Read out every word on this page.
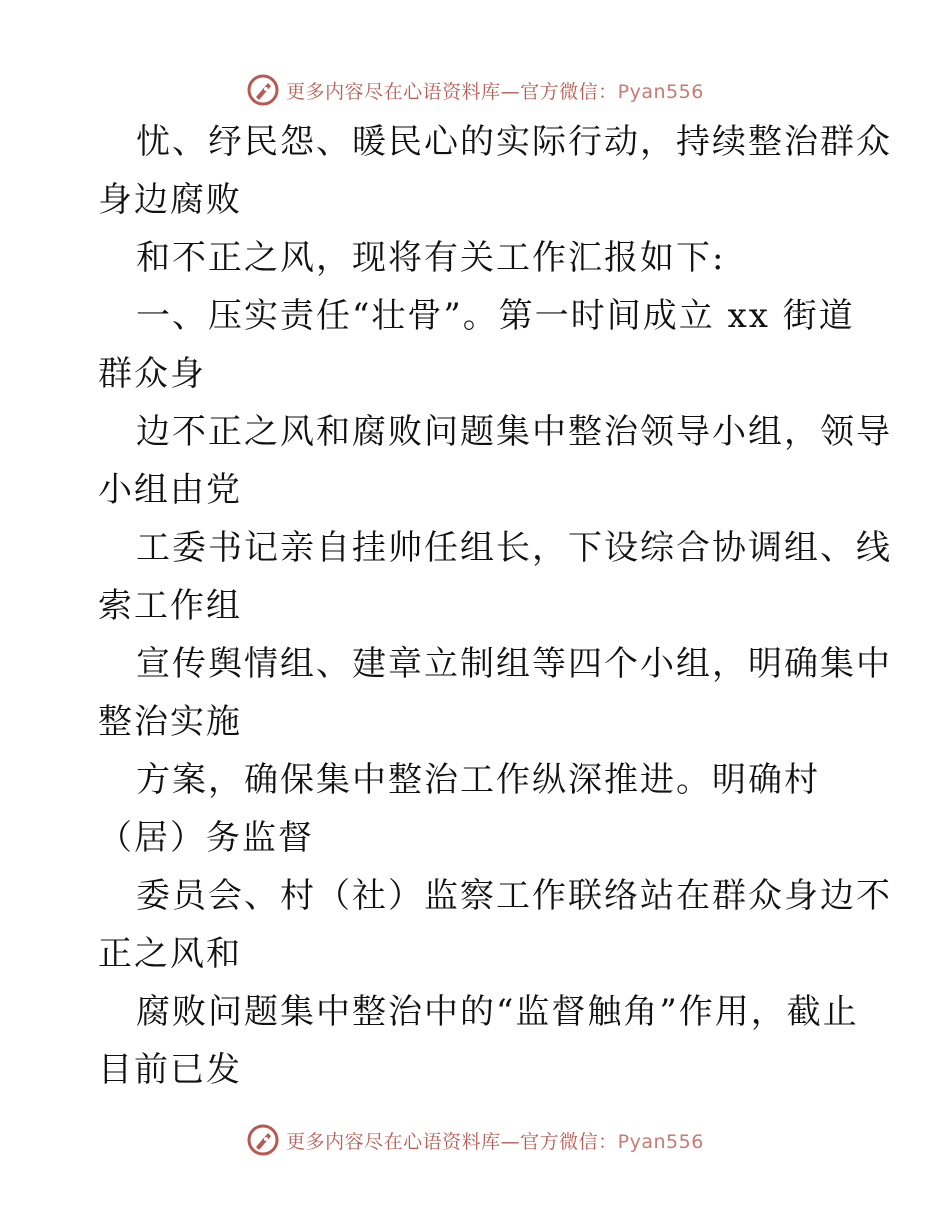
更多内容尽在心语资料库—官方微信：Pyan556
忧、纾民怨、暖民心的实际行动，持续整治群众
身边腐败
和不正之风，现将有关工作汇报如下:
一、压实责任“壮骨”。第一时间成立 xx 街道
群众身
边不正之风和腐败问题集中整治领导小组，领导
小组由党
工委书记亲自挂帅任组长，下设综合协调组、线
索工作组
宣传舆情组、建章立制组等四个小组，明确集中
整治实施
方案，确保集中整治工作纵深推进。明确村
（居）务监督
委员会、村（社）监察工作联络站在群众身边不
正之风和
腐败问题集中整治中的“监督触角”作用，截止
目前已发
更多内容尽在心语资料库—官方微信：Pyan556
